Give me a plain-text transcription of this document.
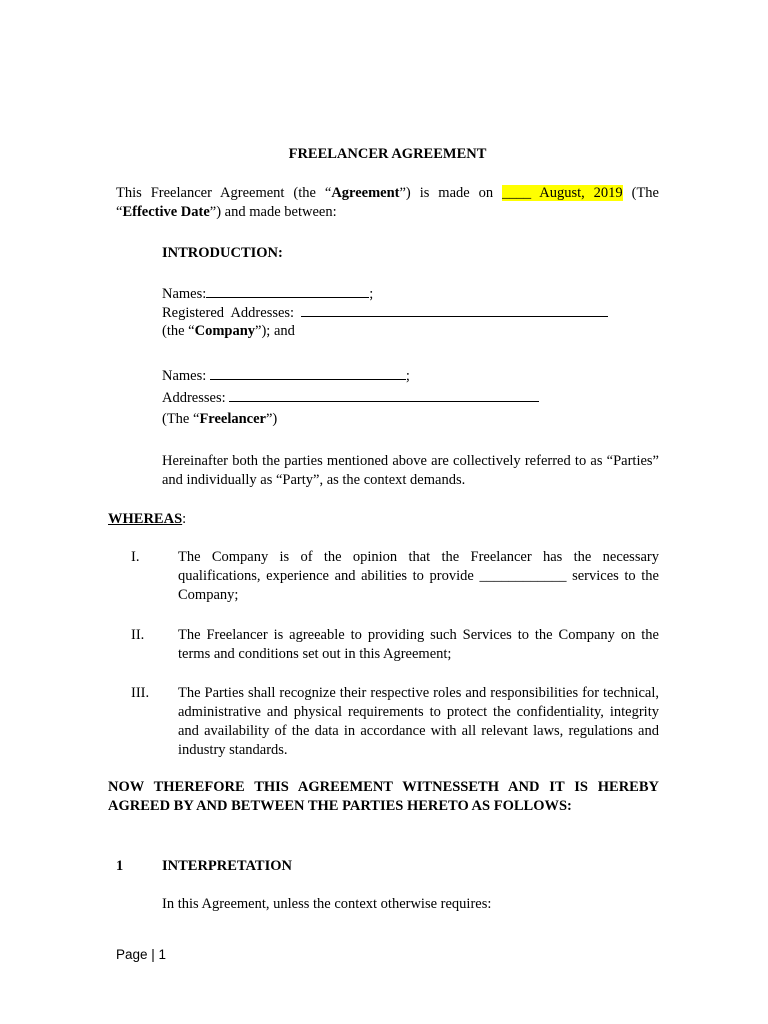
FREELANCER AGREEMENT
This Freelancer Agreement (the “Agreement”) is made on ____ August, 2019 (The “Effective Date”) and made between:
INTRODUCTION:
Names:	;
Registered  Addresses:
(the “Company”); and
Names:	;
Addresses:
(The “Freelancer”)
Hereinafter both the parties mentioned above are collectively referred to as “Parties” and individually as “Party”, as the context demands.
WHEREAS:
I.	The Company is of the opinion that the Freelancer has the necessary qualifications, experience and abilities to provide ____________ services to the Company;
II. The Freelancer is agreeable to providing such Services to the Company on the terms and conditions set out in this Agreement;
III. The Parties shall recognize their respective roles and responsibilities for technical, administrative and physical requirements to protect the confidentiality, integrity and availability of the data in accordance with all relevant laws, regulations and industry standards.
NOW THEREFORE THIS AGREEMENT WITNESSETH AND IT IS HEREBY AGREED BY AND BETWEEN THE PARTIES HERETO AS FOLLOWS:
1	INTERPRETATION
In this Agreement, unless the context otherwise requires:
Page | 1
